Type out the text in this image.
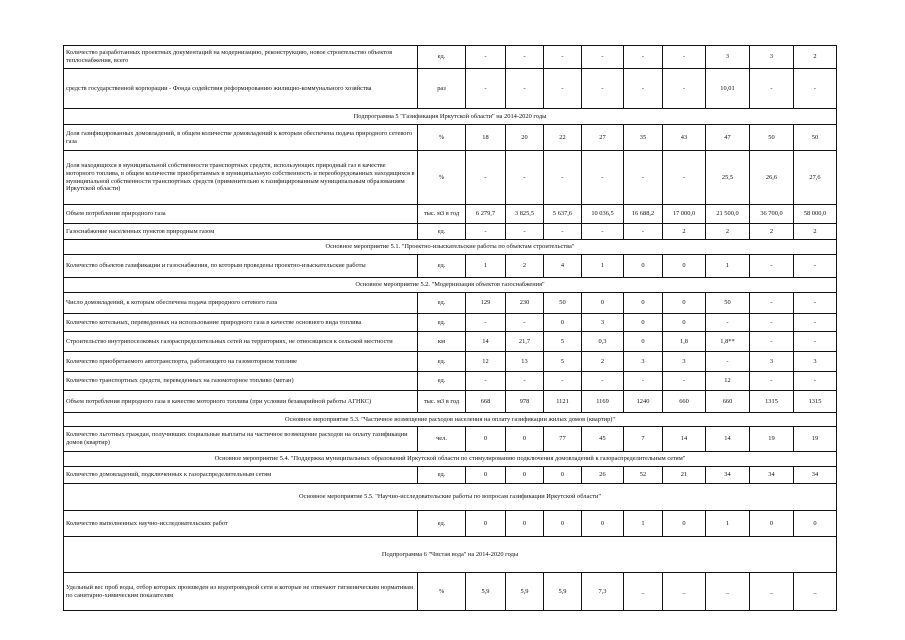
Количество разработанных проектных документаций на модернизацию, реконструкцию, новое строительство объектов теплоснабжения, всего	ед.	-	-	-	-	-	-	3	3	2
средств государственной корпорации - Фонда содействия реформированию жилищно-коммунального хозяйства	раз	-	-	-	-	-	-	10,01	-	-
Подпрограмма 5 "Газификация Иркутской области" на 2014-2020 годы										
Доля газифицированных домовладений, в общем количестве домовладений к которым обеспечена подача природного сетевого газа	%	18	20	22	27	35	43	47	50	50
Доля находящихся в муниципальной собственности транспортных средств, использующих природный газ в качестве моторного топлива, в общем количестве приобретаемых в муниципальную собственность и переоборудованных находящихся в муниципальной собственности транспортных средств (применительно к газифицированным муниципальным образованиям Иркутской области)	%	-	-	-	-	-	-	25,5	26,6	27,6
Объем потребления природного газа	тыс. м3 в год	6 279,7	3 825,5	5 637,6	10 036,5	16 688,2	17 000,0	21 500,0	36 700,0	58 000,0
Газоснабжение населенных пунктов природным газом	ед.	-	-	-	-	-	2	2	2	2
Основное мероприятие 5.1. "Проектно-изыскательские работы по объектам строительства"										
Количество объектов газификации и газоснабжения, по которым проведены проектно-изыскательские работы	ед.	1	2	4	1	0	0	1	-	-
Основное мероприятие 5.2. "Модернизация объектов газоснабжения"										
Число домовладений, к которым обеспечена подача природного сетевого газа	ед.	129	230	50	0	0	0	50	-	-
Количество котельных, переведенных на использование природного газа в качестве основного вида топлива	ед.	-	-	0	3	0	0	-	-	-
Строительство внутрипоселковых газораспределительных сетей на территориях, не относящихся к сельской местности	км	14	21,7	5	0,3	0	1,8	1,8**	-	-
Количество приобретаемого автотранспорта, работающего на газомоторном топливе	ед.	12	13	5	2	3	3	-	3	3
Количество транспортных средств, переведенных на газомоторное топливо (метан)	ед.	-	-	-	-	-	-	12	-	-
Объем потребления природного газа в качестве моторного топлива (при условии безаварийной работы АГНКС)	тыс. м3 в год	668	978	1121	1169	1240	660	660	1315	1315
Основное мероприятие 5.3. "Частичное возмещение расходов населения на оплату газификации жилых домов (квартир)"										
Количество льготных граждан, получивших социальные выплаты на частичное возмещение расходов на оплату газификации домов (квартир)	чел.	0	0	77	45	7	14	14	19	19
Основное мероприятие 5.4. "Поддержка муниципальных образований Иркутской области по стимулированию подключения домовладений к газораспределительным сетям"										
Количество домовладений, подключенных к газораспределительным сетям	ед.	0	0	0	26	52	21	34	34	34
Основное мероприятие 5.5. "Научно-исследовательские работы по вопросам газификации Иркутской области"										
Количество выполненных научно-исследовательских работ	ед.	0	0	0	0	1	0	1	0	0
Подпрограмма 6 "Чистая вода" на 2014-2020 годы										
Удельный вес проб воды, отбор которых произведен из водопроводной сети и которые не отвечают гигиеническим нормативам по санитарно-химическим показателям	%	5,9	5,9	5,9	7,3	_	_	_	_	_
